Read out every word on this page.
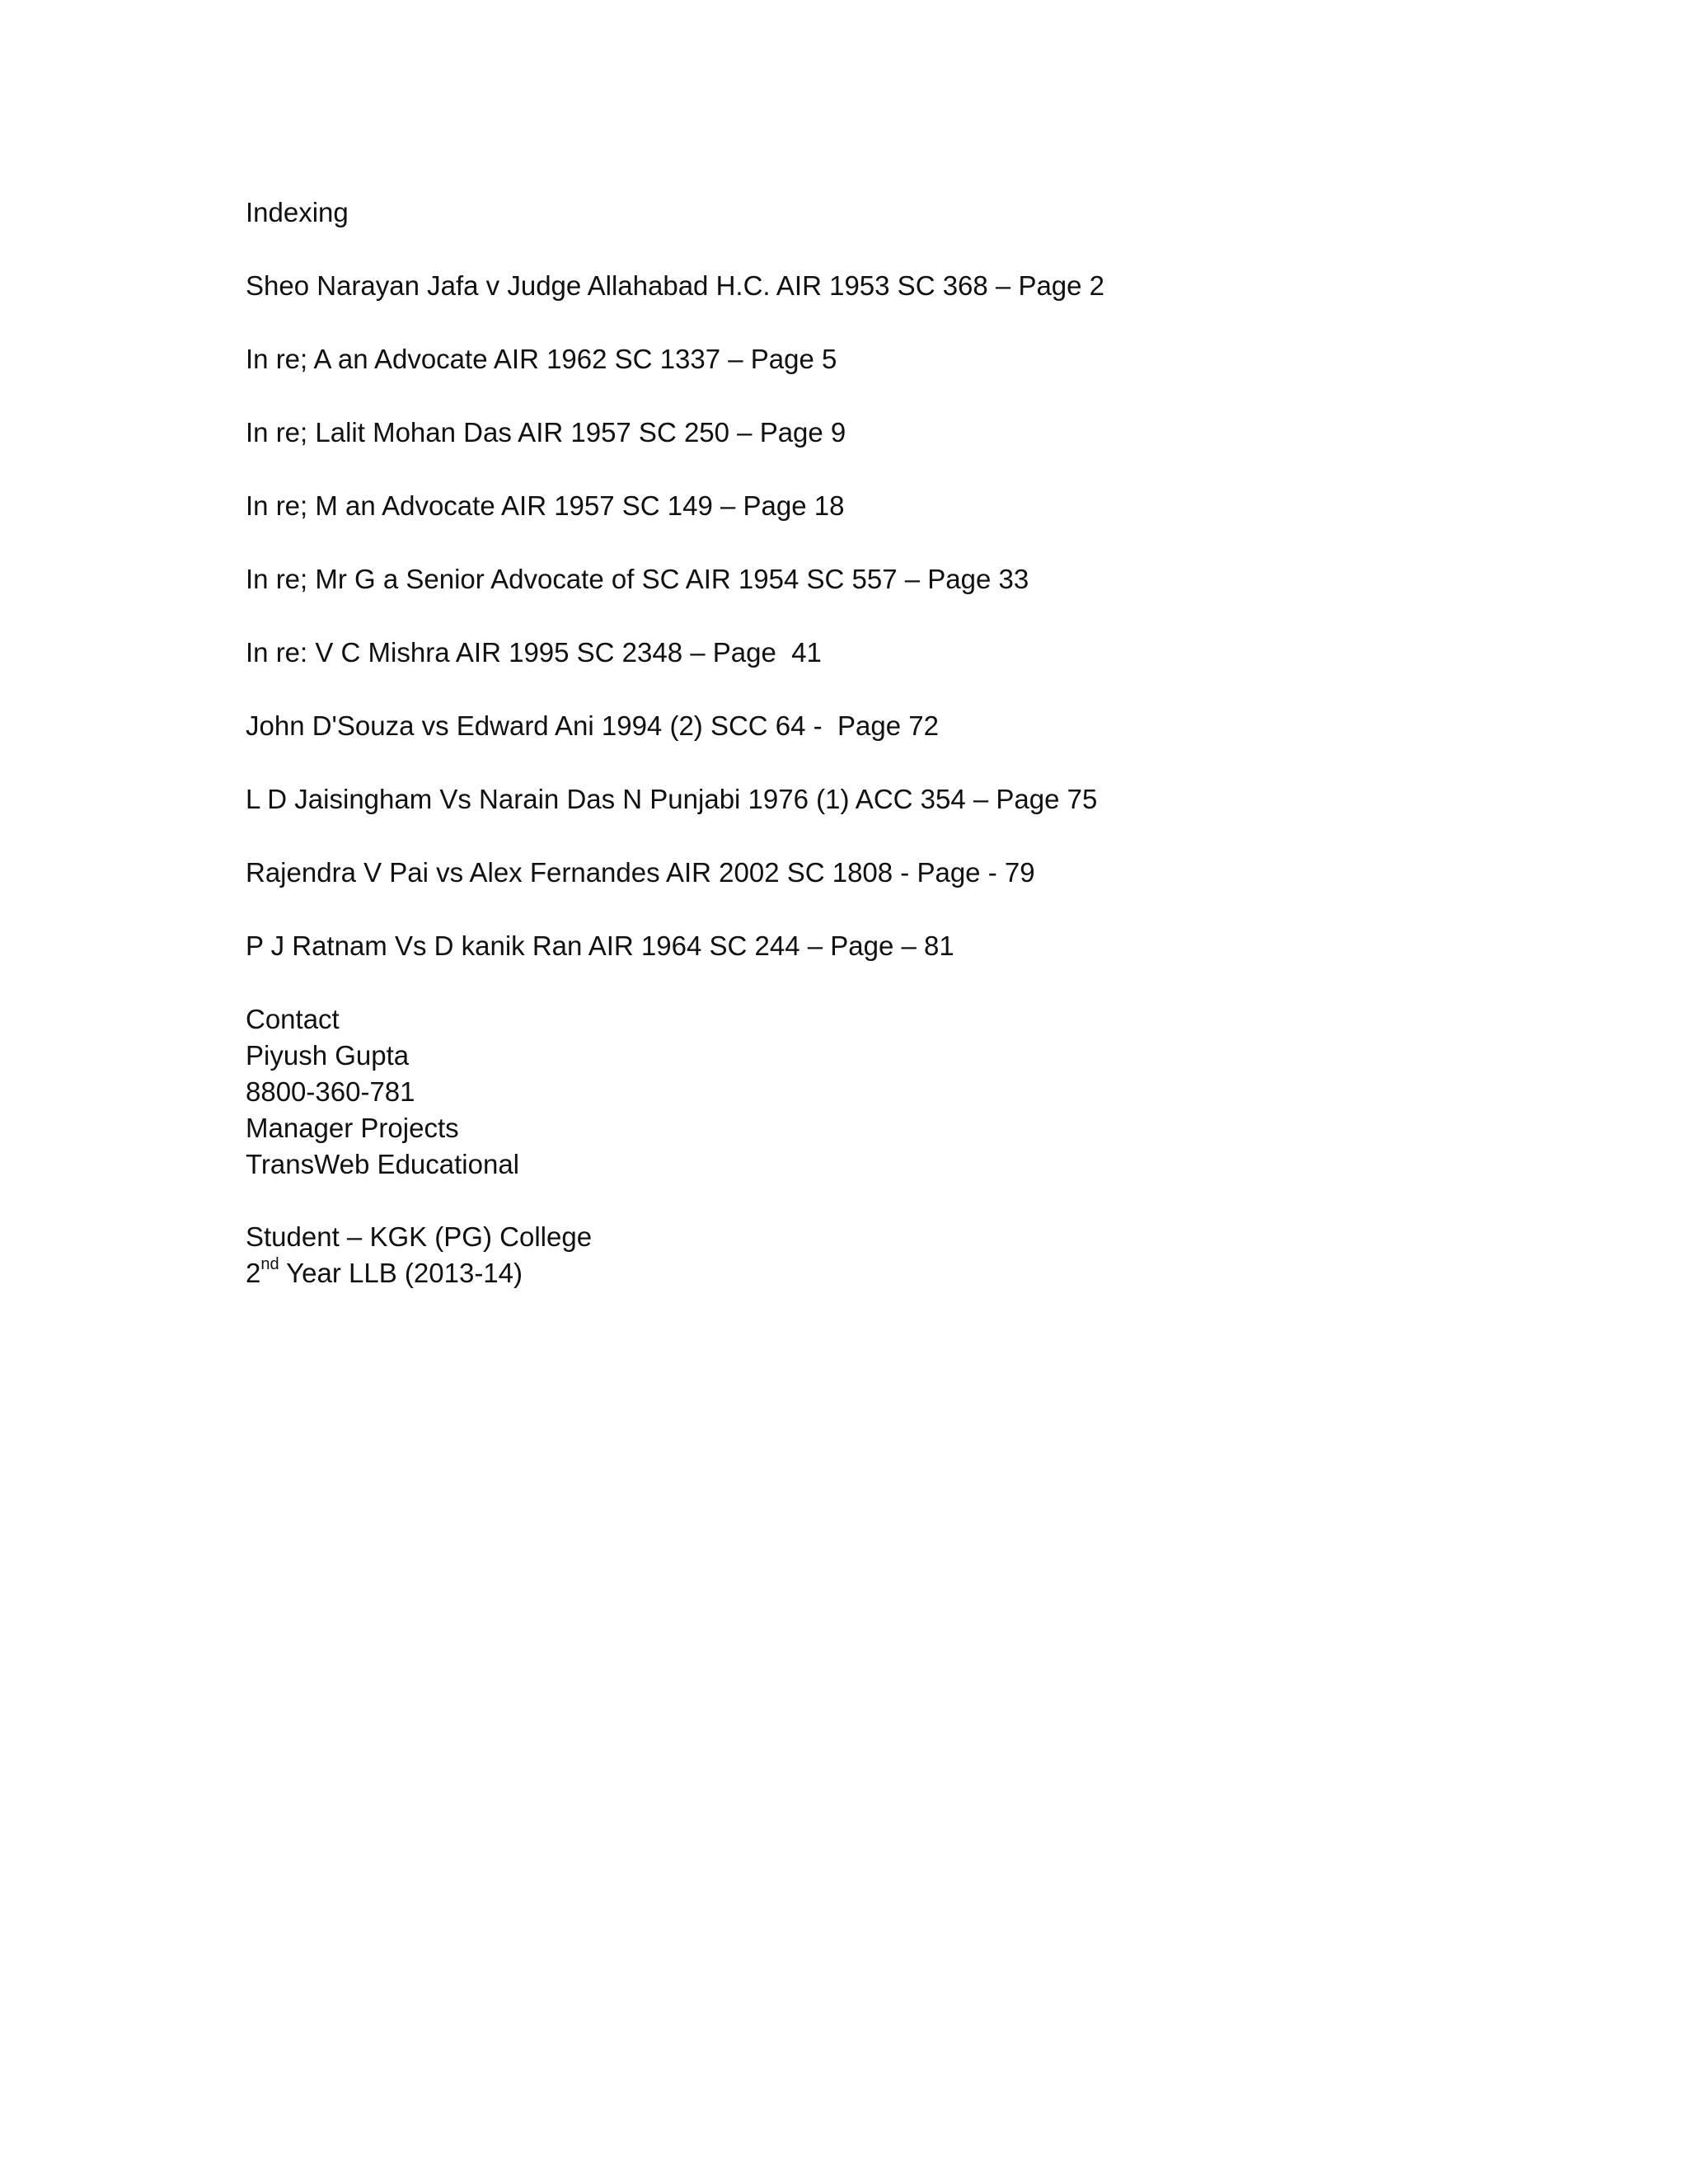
Indexing
Sheo Narayan Jafa v Judge Allahabad H.C. AIR 1953 SC 368 – Page 2
In re; A an Advocate AIR 1962 SC 1337 – Page 5
In re; Lalit Mohan Das AIR 1957 SC 250 – Page 9
In re; M an Advocate AIR 1957 SC 149 – Page 18
In re; Mr G a Senior Advocate of SC AIR 1954 SC 557 – Page 33
In re: V C Mishra AIR 1995 SC 2348 – Page  41
John D'Souza vs Edward Ani 1994 (2) SCC 64 -  Page 72
L D Jaisingham Vs Narain Das N Punjabi 1976 (1) ACC 354 – Page 75
Rajendra V Pai vs Alex Fernandes AIR 2002 SC 1808 - Page - 79
P J Ratnam Vs D kanik Ran AIR 1964 SC 244 – Page – 81
Contact
Piyush Gupta
8800-360-781
Manager Projects
TransWeb Educational
Student – KGK (PG) College
2nd Year LLB (2013-14)
